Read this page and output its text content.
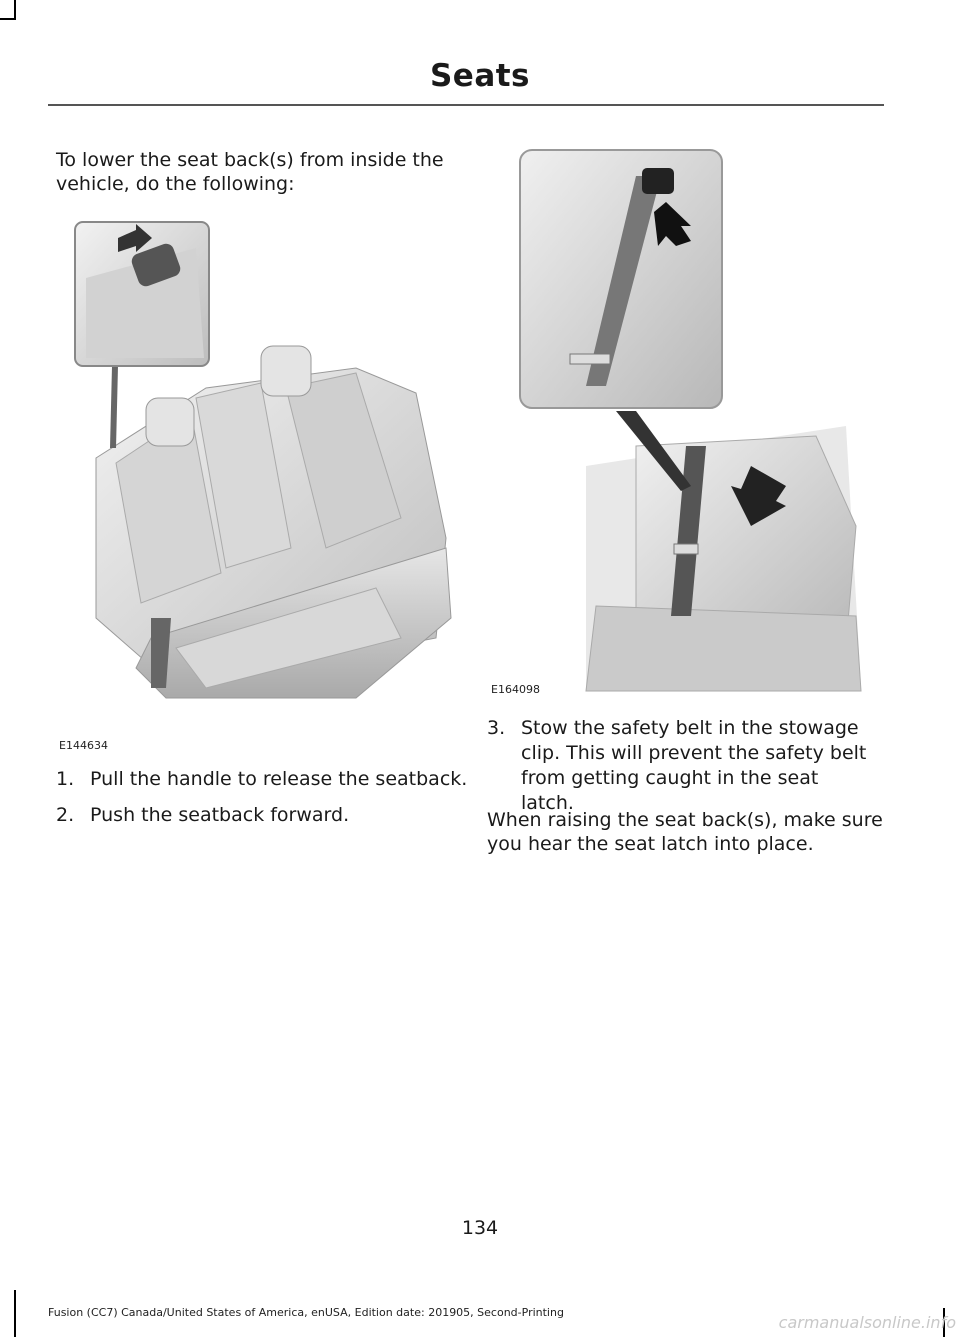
Seats
To lower the seat back(s) from inside the vehicle, do the following:
E144634
1. Pull the handle to release the seatback.
2. Push the seatback forward.
E164098
3. Stow the safety belt in the stowage clip. This will prevent the safety belt from getting caught in the seat latch.
When raising the seat back(s), make sure you hear the seat latch into place.
134
Fusion (CC7) Canada/United States of America, enUSA, Edition date: 201905, Second-Printing
carmanualsonline.info
